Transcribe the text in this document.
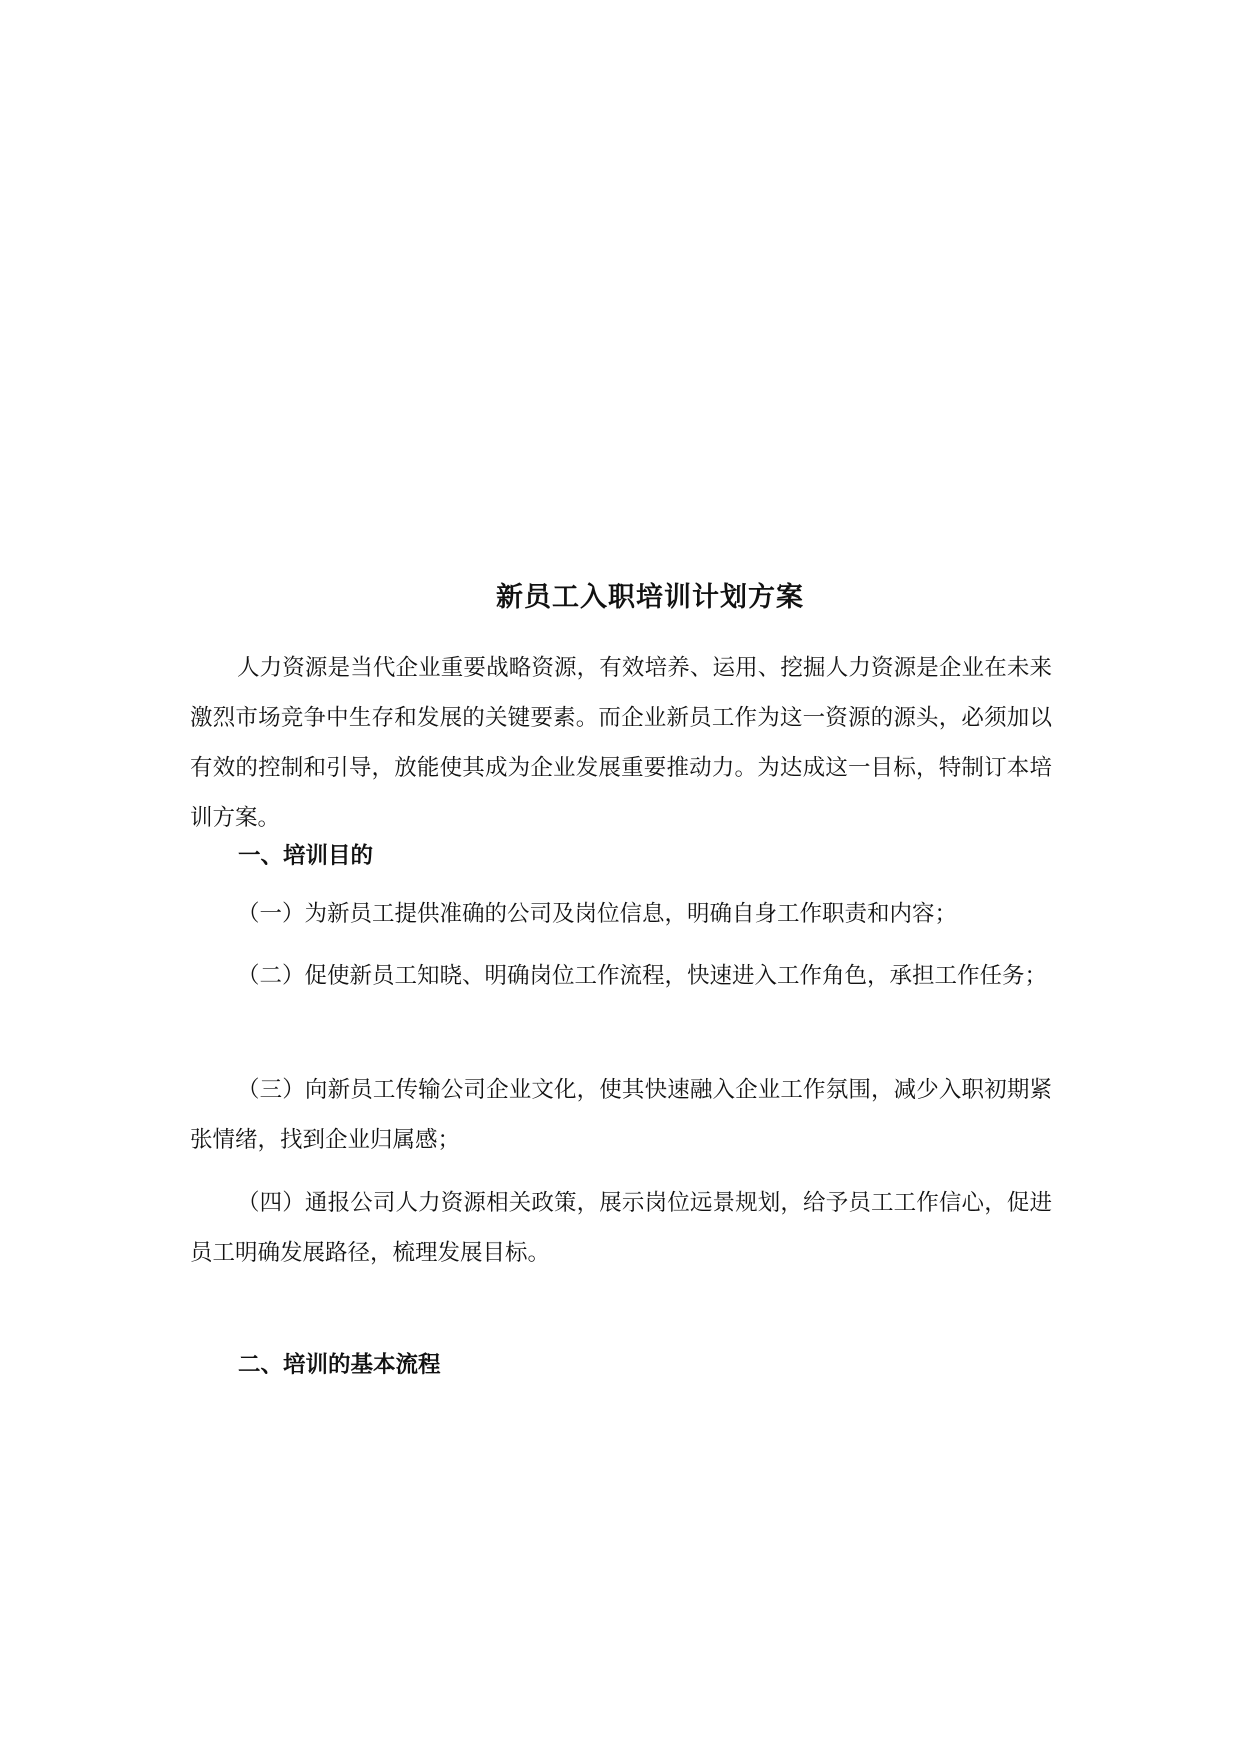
新员工入职培训计划方案

人力资源是当代企业重要战略资源，有效培养、运用、挖掘人力资源是企业在未来激烈市场竞争中生存和发展的关键要素。而企业新员工作为这一资源的源头，必须加以有效的控制和引导，放能使其成为企业发展重要推动力。为达成这一目标，特制订本培训方案。

一、培训目的

（一）为新员工提供准确的公司及岗位信息，明确自身工作职责和内容；

（二）促使新员工知晓、明确岗位工作流程，快速进入工作角色，承担工作任务；

（三）向新员工传输公司企业文化，使其快速融入企业工作氛围，减少入职初期紧张情绪，找到企业归属感；

（四）通报公司人力资源相关政策，展示岗位远景规划，给予员工工作信心，促进员工明确发展路径，梳理发展目标。

二、培训的基本流程
